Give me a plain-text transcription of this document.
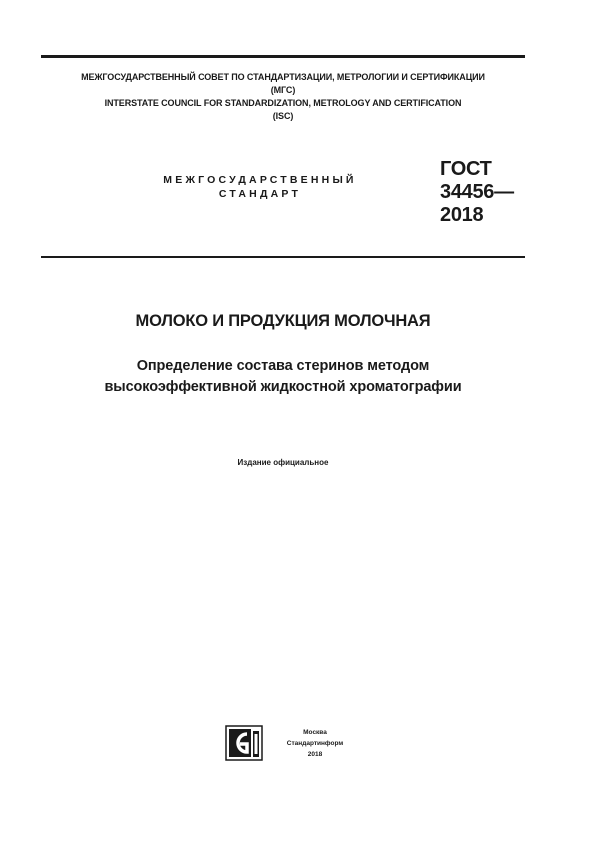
МЕЖГОСУДАРСТВЕННЫЙ СОВЕТ ПО СТАНДАРТИЗАЦИИ, МЕТРОЛОГИИ И СЕРТИФИКАЦИИ
(МГС)
INTERSTATE COUNCIL FOR STANDARDIZATION, METROLOGY AND CERTIFICATION
(ISC)
МЕЖГОСУДАРСТВЕННЫЙ
СТАНДАРТ
ГОСТ
34456—
2018
МОЛОКО И ПРОДУКЦИЯ МОЛОЧНАЯ
Определение состава стеринов методом
высокоэффективной жидкостной хроматографии
Издание официальное
Москва
Стандартинформ
2018
